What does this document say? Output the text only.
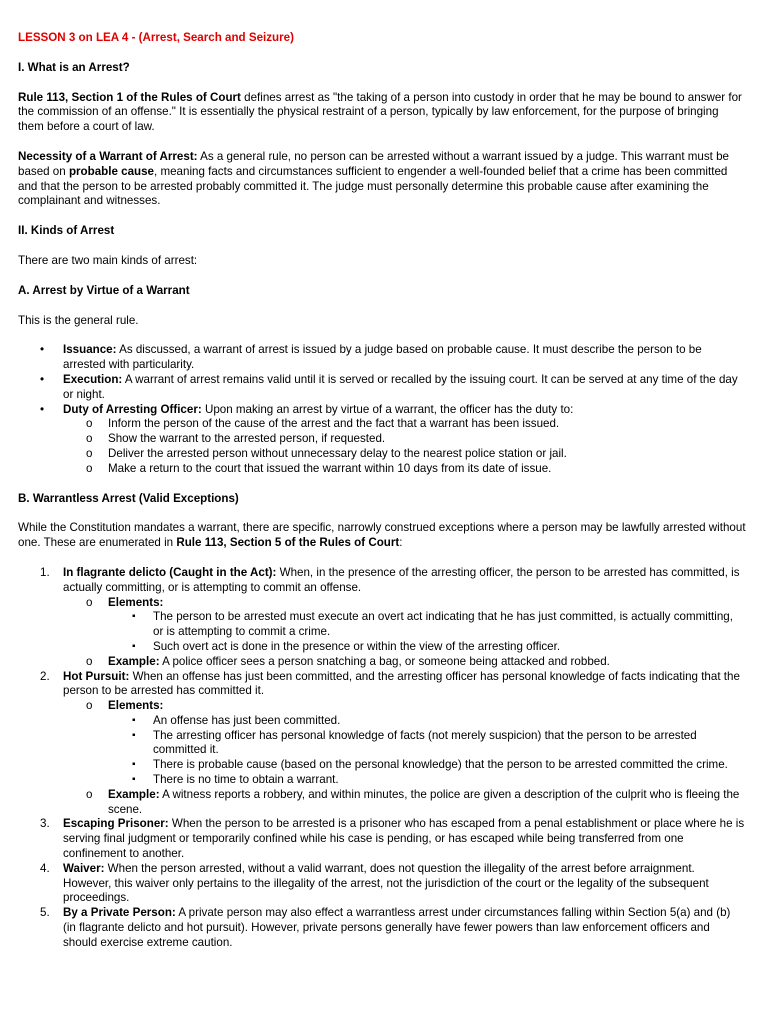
LESSON 3 on LEA 4 - (Arrest, Search and Seizure)

I. What is an Arrest?

Rule 113, Section 1 of the Rules of Court defines arrest as "the taking of a person into custody in order that he may be bound to answer for the commission of an offense." It is essentially the physical restraint of a person, typically by law enforcement, for the purpose of bringing them before a court of law.

Necessity of a Warrant of Arrest: As a general rule, no person can be arrested without a warrant issued by a judge. This warrant must be based on probable cause, meaning facts and circumstances sufficient to engender a well-founded belief that a crime has been committed and that the person to be arrested probably committed it. The judge must personally determine this probable cause after examining the complainant and witnesses.

II. Kinds of Arrest

There are two main kinds of arrest:

A. Arrest by Virtue of a Warrant

This is the general rule.

• Issuance: As discussed, a warrant of arrest is issued by a judge based on probable cause. It must describe the person to be arrested with particularity.
• Execution: A warrant of arrest remains valid until it is served or recalled by the issuing court. It can be served at any time of the day or night.
• Duty of Arresting Officer: Upon making an arrest by virtue of a warrant, the officer has the duty to:
o Inform the person of the cause of the arrest and the fact that a warrant has been issued.
o Show the warrant to the arrested person, if requested.
o Deliver the arrested person without unnecessary delay to the nearest police station or jail.
o Make a return to the court that issued the warrant within 10 days from its date of issue.

B. Warrantless Arrest (Valid Exceptions)

While the Constitution mandates a warrant, there are specific, narrowly construed exceptions where a person may be lawfully arrested without one. These are enumerated in Rule 113, Section 5 of the Rules of Court:

1. In flagrante delicto (Caught in the Act): When, in the presence of the arresting officer, the person to be arrested has committed, is actually committing, or is attempting to commit an offense.
o Elements:
▪ The person to be arrested must execute an overt act indicating that he has just committed, is actually committing, or is attempting to commit a crime.
▪ Such overt act is done in the presence or within the view of the arresting officer.
o Example: A police officer sees a person snatching a bag, or someone being attacked and robbed.
2. Hot Pursuit: When an offense has just been committed, and the arresting officer has personal knowledge of facts indicating that the person to be arrested has committed it.
o Elements:
▪ An offense has just been committed.
▪ The arresting officer has personal knowledge of facts (not merely suspicion) that the person to be arrested committed it.
▪ There is probable cause (based on the personal knowledge) that the person to be arrested committed the crime.
▪ There is no time to obtain a warrant.
o Example: A witness reports a robbery, and within minutes, the police are given a description of the culprit who is fleeing the scene.
3. Escaping Prisoner: When the person to be arrested is a prisoner who has escaped from a penal establishment or place where he is serving final judgment or temporarily confined while his case is pending, or has escaped while being transferred from one confinement to another.
4. Waiver: When the person arrested, without a valid warrant, does not question the illegality of the arrest before arraignment. However, this waiver only pertains to the illegality of the arrest, not the jurisdiction of the court or the legality of the subsequent proceedings.
5. By a Private Person: A private person may also effect a warrantless arrest under circumstances falling within Section 5(a) and (b) (in flagrante delicto and hot pursuit). However, private persons generally have fewer powers than law enforcement officers and should exercise extreme caution.
